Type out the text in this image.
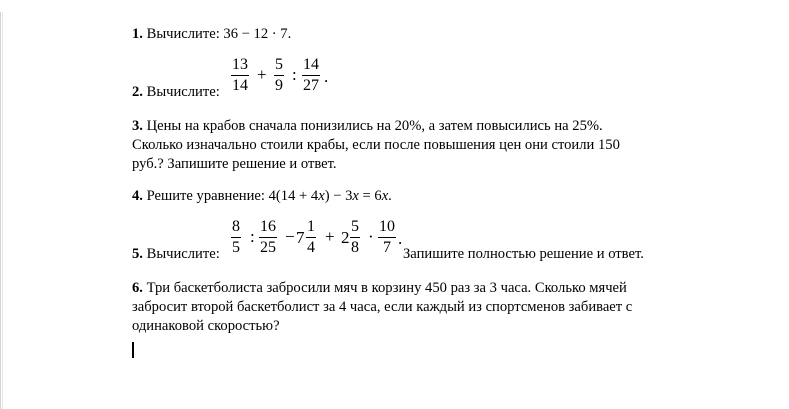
1. Вычислите: 36 − 12 · 7.
2. Вычислите: $\frac{13}{14} + \frac{5}{9}$ : $\frac{14}{27}$ .
3. Цены на крабов сначала понизились на 20%, а затем повысились на 25%.
Сколько изначально стоили крабы, если после повышения цен они стоили 150
руб.? Запишите решение и ответ.
4. Решите уравнение: 4(14 + 4x) − 3x = 6x.
5. Вычислите: $\frac{8}{5}$ : $\frac{16}{25} - 7 \frac{1}{4} + 2 \frac{5}{8} \cdot \frac{10}{7}$ .
Запишите полностью решение и ответ.
6. Три баскетболиста забросили мяч в корзину 450 раз за 3 часа. Сколько мячей
забросит второй баскетболист за 4 часа, если каждый из спортсменов забивает с
одинаковой скоростью?
